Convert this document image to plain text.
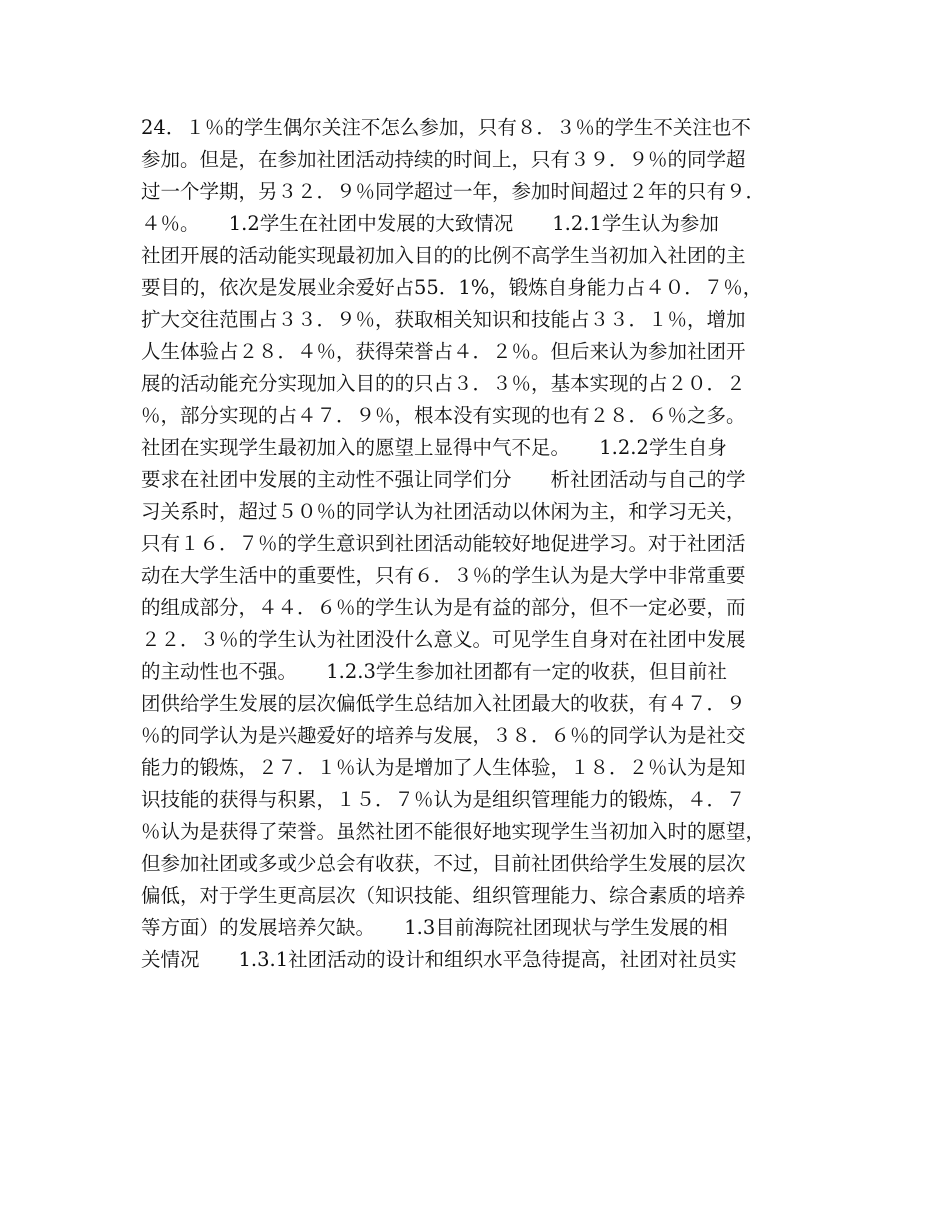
24．１％的学生偶尔关注不怎么参加，只有８．３％的学生不关注也不
参加。但是，在参加社团活动持续的时间上，只有３９．９％的同学超
过一个学期，另３２．９％同学超过一年，参加时间超过２年的只有９．
４％。　　1.2学生在社团中发展的大致情况　　1.2.1学生认为参加
社团开展的活动能实现最初加入目的的比例不高学生当初加入社团的主
要目的，依次是发展业余爱好占55．1%，锻炼自身能力占４０．７％，
扩大交往范围占３３．９％，获取相关知识和技能占３３．１％，增加
人生体验占２８．４％，获得荣誉占４．２％。但后来认为参加社团开
展的活动能充分实现加入目的的只占３．３％，基本实现的占２０．２
％，部分实现的占４７．９％，根本没有实现的也有２８．６％之多。
社团在实现学生最初加入的愿望上显得中气不足。　　1.2.2学生自身
要求在社团中发展的主动性不强让同学们分　　析社团活动与自己的学
习关系时，超过５０％的同学认为社团活动以休闲为主，和学习无关，
只有１６．７％的学生意识到社团活动能较好地促进学习。对于社团活
动在大学生活中的重要性，只有６．３％的学生认为是大学中非常重要
的组成部分，４４．６％的学生认为是有益的部分，但不一定必要，而
２２．３％的学生认为社团没什么意义。可见学生自身对在社团中发展
的主动性也不强。　　1.2.3学生参加社团都有一定的收获，但目前社
团供给学生发展的层次偏低学生总结加入社团最大的收获，有４７．９
％的同学认为是兴趣爱好的培养与发展，３８．６％的同学认为是社交
能力的锻炼，２７．１％认为是增加了人生体验，１８．２％认为是知
识技能的获得与积累，１５．７％认为是组织管理能力的锻炼，４．７
％认为是获得了荣誉。虽然社团不能很好地实现学生当初加入时的愿望，
但参加社团或多或少总会有收获，不过，目前社团供给学生发展的层次
偏低，对于学生更高层次（知识技能、组织管理能力、综合素质的培养
等方面）的发展培养欠缺。　　1.3目前海院社团现状与学生发展的相
关情况　　1.3.1社团活动的设计和组织水平急待提高，社团对社员实
